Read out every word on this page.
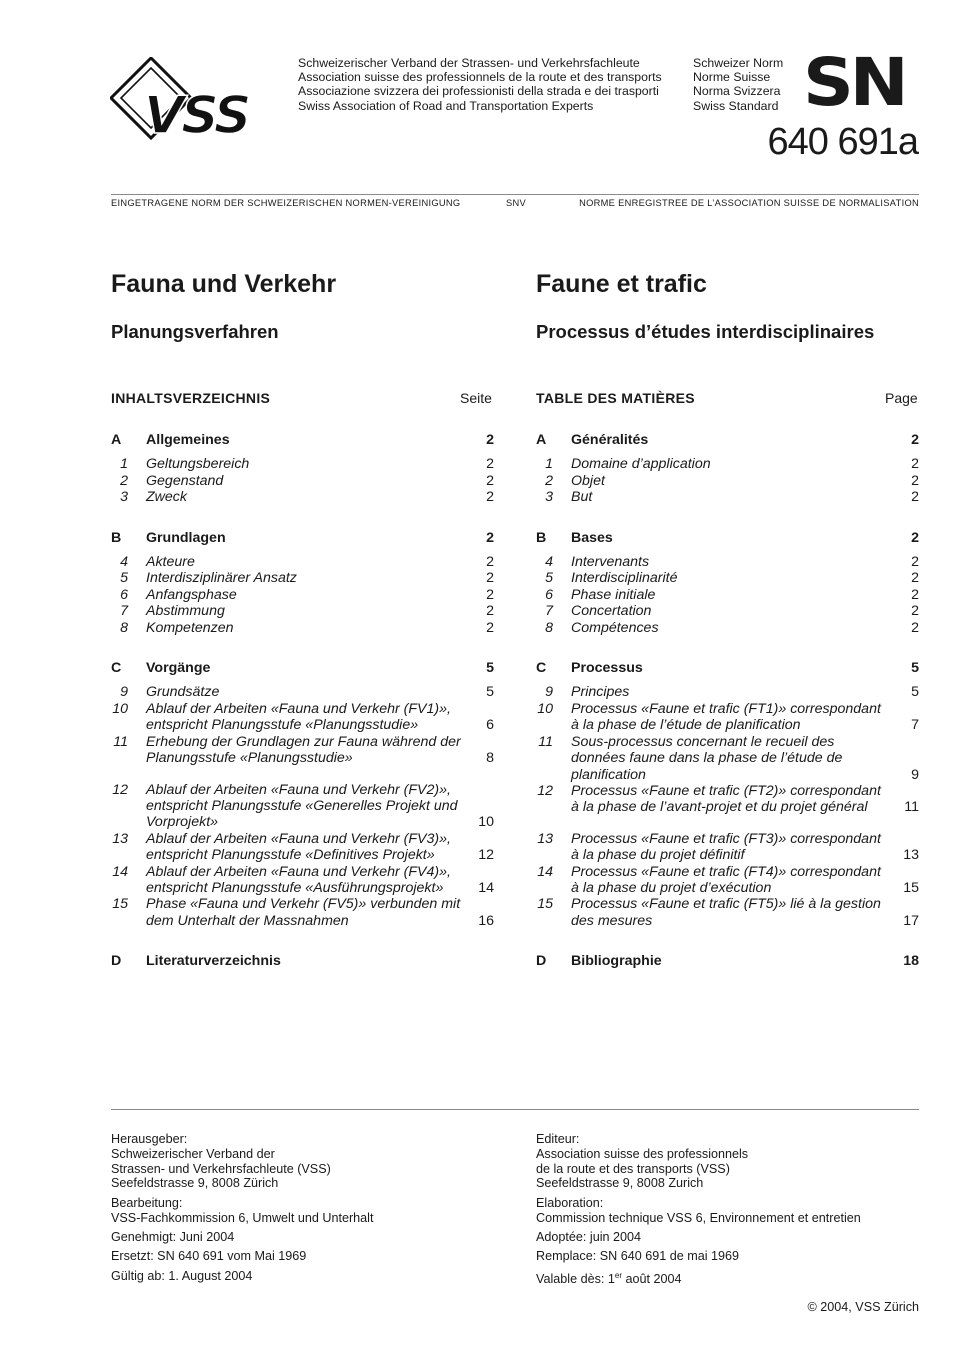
VSS
Schweizerischer Verband der Strassen- und Verkehrsfachleute
Association suisse des professionnels de la route et des transports
Associazione svizzera dei professionisti della strada e dei trasporti
Swiss Association of Road and Transportation Experts
Schweizer Norm
Norme Suisse
Norma Svizzera
Swiss Standard SN
640 691a
EINGETRAGENE NORM DER SCHWEIZERISCHEN NORMEN-VEREINIGUNG	SNV	NORME ENREGISTREE DE L’ASSOCIATION SUISSE DE NORMALISATION
Fauna und Verkehr
Planungsverfahren
INHALTSVERZEICHNIS	Seite
A	Allgemeines	2
1 Geltungsbereich	2
2 Gegenstand	2
3 Zweck	2
B	Grundlagen	2
4 Akteure	2
5 Interdisziplinärer Ansatz	2
6 Anfangsphase	2
7 Abstimmung	2
8 Kompetenzen	2
C	Vorgänge	5
9 Grundsätze	5
10 Ablauf der Arbeiten «Fauna und Verkehr (FV1)», entspricht Planungsstufe «Planungsstudie»	6
11 Erhebung der Grundlagen zur Fauna während der Planungsstufe «Planungsstudie»	8
12 Ablauf der Arbeiten «Fauna und Verkehr (FV2)», entspricht Planungsstufe «Generelles Projekt und Vorprojekt»	10
13 Ablauf der Arbeiten «Fauna und Verkehr (FV3)», entspricht Planungsstufe «Definitives Projekt»	12
14 Ablauf der Arbeiten «Fauna und Verkehr (FV4)», entspricht Planungsstufe «Ausführungsprojekt»	14
15 Phase «Fauna und Verkehr (FV5)» verbunden mit dem Unterhalt der Massnahmen	16
D	Literaturverzeichnis
Faune et trafic
Processus d’études interdisciplinaires
TABLE DES MATIÈRES	Page
A	Généralités	2
1 Domaine d’application	2
2 Objet	2
3 But	2
B	Bases	2
4 Intervenants	2
5 Interdisciplinarité	2
6 Phase initiale	2
7 Concertation	2
8 Compétences	2
C	Processus	5
9 Principes	5
10 Processus «Faune et trafic (FT1)» correspondant à la phase de l’étude de planification	7
11 Sous-processus concernant le recueil des données faune dans la phase de l’étude de planification	9
12 Processus «Faune et trafic (FT2)» correspondant à la phase de l’avant-projet et du projet général	11
13 Processus «Faune et trafic (FT3)» correspondant à la phase du projet définitif	13
14 Processus «Faune et trafic (FT4)» correspondant à la phase du projet d’exécution	15
15 Processus «Faune et trafic (FT5)» lié à la gestion des mesures	17
D	Bibliographie	18
Herausgeber:
Schweizerischer Verband der
Strassen- und Verkehrsfachleute (VSS)
Seefeldstrasse 9, 8008 Zürich
Bearbeitung:
VSS-Fachkommission 6, Umwelt und Unterhalt
Genehmigt: Juni 2004
Ersetzt: SN 640 691 vom Mai 1969
Gültig ab: 1. August 2004
Editeur:
Association suisse des professionnels
de la route et des transports (VSS)
Seefeldstrasse 9, 8008 Zurich
Elaboration:
Commission technique VSS 6, Environnement et entretien
Adoptée: juin 2004
Remplace: SN 640 691 de mai 1969
Valable dès: 1er août 2004
© 2004, VSS Zürich
